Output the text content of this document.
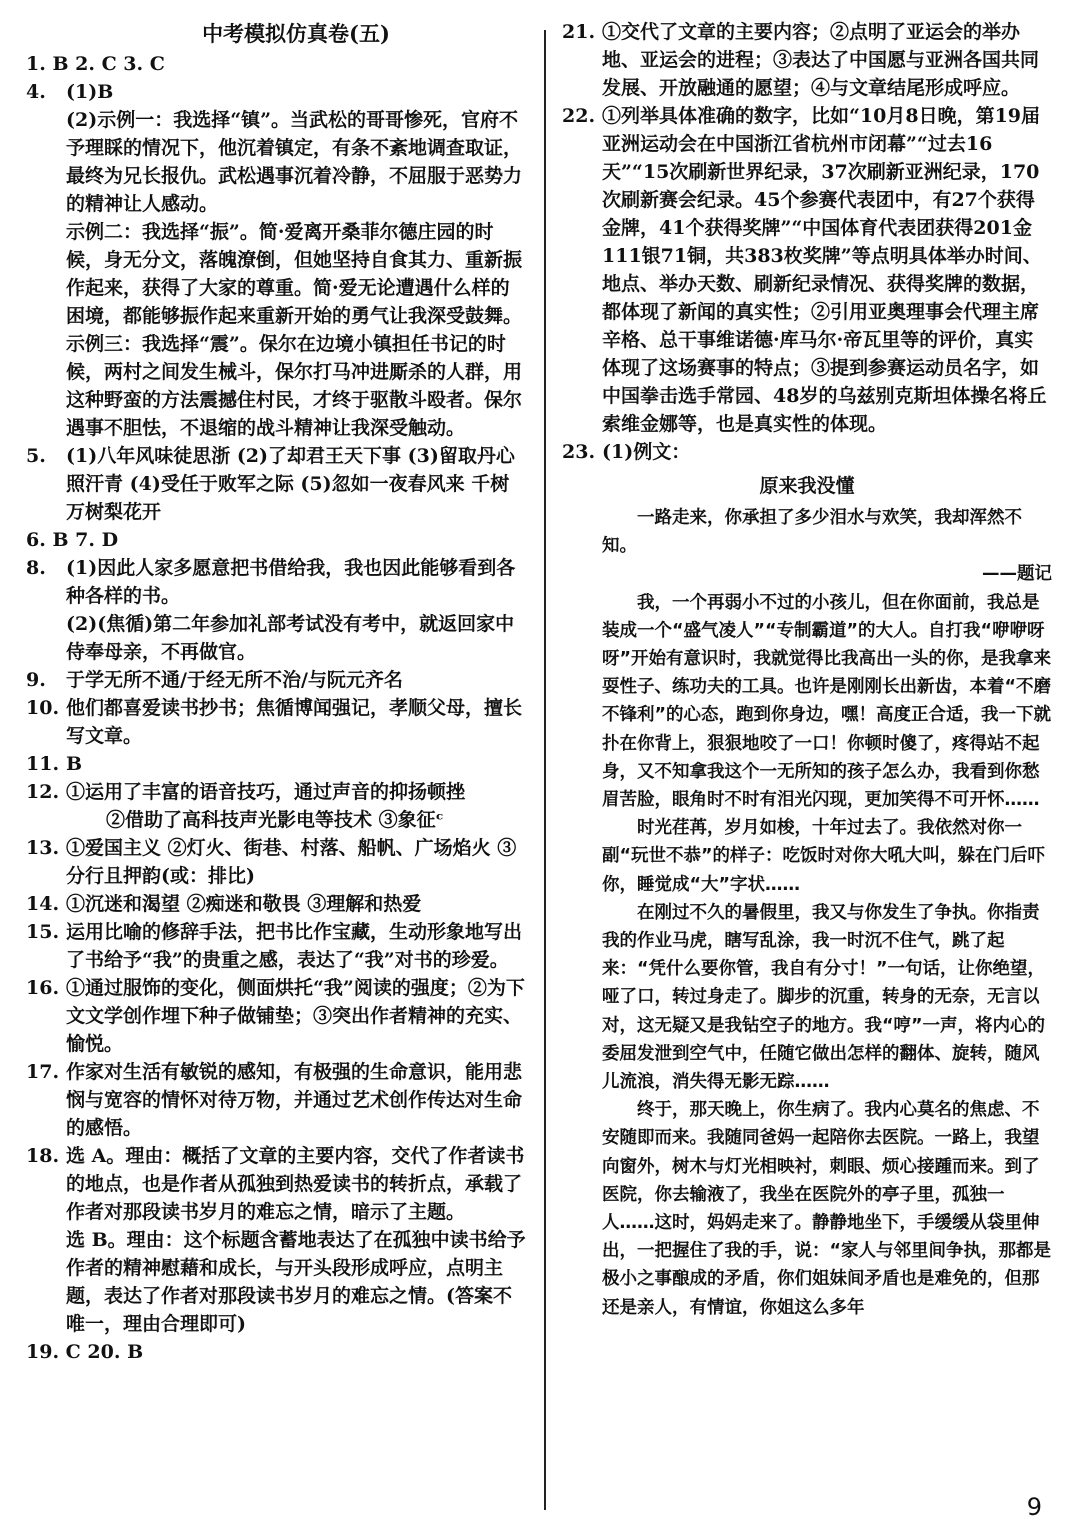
中考模拟仿真卷(五)

1. B 2. C 3. C

4. (1)B
(2)示例一：我选择“镇”。当武松的哥哥惨死，官府不予理睬的情况下，他沉着镇定，有条不紊地调查取证，最终为兄长报仇。武松遇事沉着冷静，不屈服于恶势力的精神让人感动。
示例二：我选择“振”。简·爱离开桑菲尔德庄园的时候，身无分文，落魄潦倒，但她坚持自食其力、重新振作起来，获得了大家的尊重。简·爱无论遭遇什么样的困境，都能够振作起来重新开始的勇气让我深受鼓舞。
示例三：我选择“震”。保尔在边境小镇担任书记的时候，两村之间发生械斗，保尔打马冲进厮杀的人群，用这种野蛮的方法震撼住村民，才终于驱散斗殴者。保尔遇事不胆怯，不退缩的战斗精神让我深受触动。
5. (1)八年风味徒思浙 (2)了却君王天下事 (3)留取丹心照汗青 (4)受任于败军之际 (5)忽如一夜春风来 千树万树梨花开

6. B 7. D

8. (1)因此人家多愿意把书借给我，我也因此能够看到各种各样的书。
(2)(焦循)第二年参加礼部考试没有考中，就返回家中侍奉母亲，不再做官。
9. 于学无所不通/于经无所不治/与阮元齐名
10. 他们都喜爱读书抄书；焦循博闻强记，孝顺父母，擅长写文章。
11. B
12. ①运用了丰富的语音技巧，通过声音的抑扬顿挫
②借助了高科技声光影电等技术 ③象征ᶜ
13. ①爱国主义 ②灯火、街巷、村落、船帆、广场焰火 ③分行且押韵(或：排比)
14. ①沉迷和渴望 ②痴迷和敬畏 ③理解和热爱
15. 运用比喻的修辞手法，把书比作宝藏，生动形象地写出了书给予“我”的贵重之感，表达了“我”对书的珍爱。
16. ①通过服饰的变化，侧面烘托“我”阅读的强度；②为下文文学创作埋下种子做铺垫；③突出作者精神的充实、愉悦。
17. 作家对生活有敏锐的感知，有极强的生命意识，能用悲悯与宽容的情怀对待万物，并通过艺术创作传达对生命的感悟。
18. 选 A。理由：概括了文章的主要内容，交代了作者读书的地点，也是作者从孤独到热爱读书的转折点，承载了作者对那段读书岁月的难忘之情，暗示了主题。
选 B。理由：这个标题含蓄地表达了在孤独中读书给予作者的精神慰藉和成长，与开头段形成呼应，点明主题，表达了作者对那段读书岁月的难忘之情。(答案不唯一，理由合理即可)

19. C 20. B

21. ①交代了文章的主要内容；②点明了亚运会的举办地、亚运会的进程；③表达了中国愿与亚洲各国共同发展、开放融通的愿望；④与文章结尾形成呼应。
22. ①列举具体准确的数字，比如“10月8日晚，第19届亚洲运动会在中国浙江省杭州市闭幕”“过去16天”“15次刷新世界纪录，37次刷新亚洲纪录，170次刷新赛会纪录。45个参赛代表团中，有27个获得金牌，41个获得奖牌”“中国体育代表团获得201金111银71铜，共383枚奖牌”等点明具体举办时间、地点、举办天数、刷新纪录情况、获得奖牌的数据，都体现了新闻的真实性；②引用亚奥理事会代理主席辛格、总干事维诺德·库马尔·帝瓦里等的评价，真实体现了这场赛事的特点；③提到参赛运动员名字，如中国拳击选手常园、48岁的乌兹别克斯坦体操名将丘索维金娜等，也是真实性的体现。
23. (1)例文：
原来我没懂

一路走来，你承担了多少泪水与欢笑，我却浑然不知。

——题记

我，一个再弱小不过的小孩儿，但在你面前，我总是装成一个“盛气凌人”“专制霸道”的大人。自打我“咿咿呀呀”开始有意识时，我就觉得比我高出一头的你，是我拿来耍性子、练功夫的工具。也许是刚刚长出新齿，本着“不磨不锋利”的心态，跑到你身边，嘿！高度正合适，我一下就扑在你背上，狠狠地咬了一口！你顿时傻了，疼得站不起身，又不知拿我这个一无所知的孩子怎么办，我看到你愁眉苦脸，眼角时不时有泪光闪现，更加笑得不可开怀……

时光荏苒，岁月如梭，十年过去了。我依然对你一副“玩世不恭”的样子：吃饭时对你大吼大叫，躲在门后吓你，睡觉成“大”字状……

在刚过不久的暑假里，我又与你发生了争执。你指责我的作业马虎，瞎写乱涂，我一时沉不住气，跳了起来：“凭什么要你管，我自有分寸！”一句话，让你绝望，哑了口，转过身走了。脚步的沉重，转身的无奈，无言以对，这无疑又是我钻空子的地方。我“哼”一声，将内心的委屈发泄到空气中，任随它做出怎样的翻体、旋转，随风儿流浪，消失得无影无踪……

终于，那天晚上，你生病了。我内心莫名的焦虑、不安随即而来。我随同爸妈一起陪你去医院。一路上，我望向窗外，树木与灯光相映衬，刺眼、烦心接踵而来。到了医院，你去输液了，我坐在医院外的亭子里，孤独一人……这时，妈妈走来了。静静地坐下，手缓缓从袋里伸出，一把握住了我的手，说：“家人与邻里间争执，那都是极小之事酿成的矛盾，你们姐妹间矛盾也是难免的，但那还是亲人，有情谊，你姐这么多年

9
